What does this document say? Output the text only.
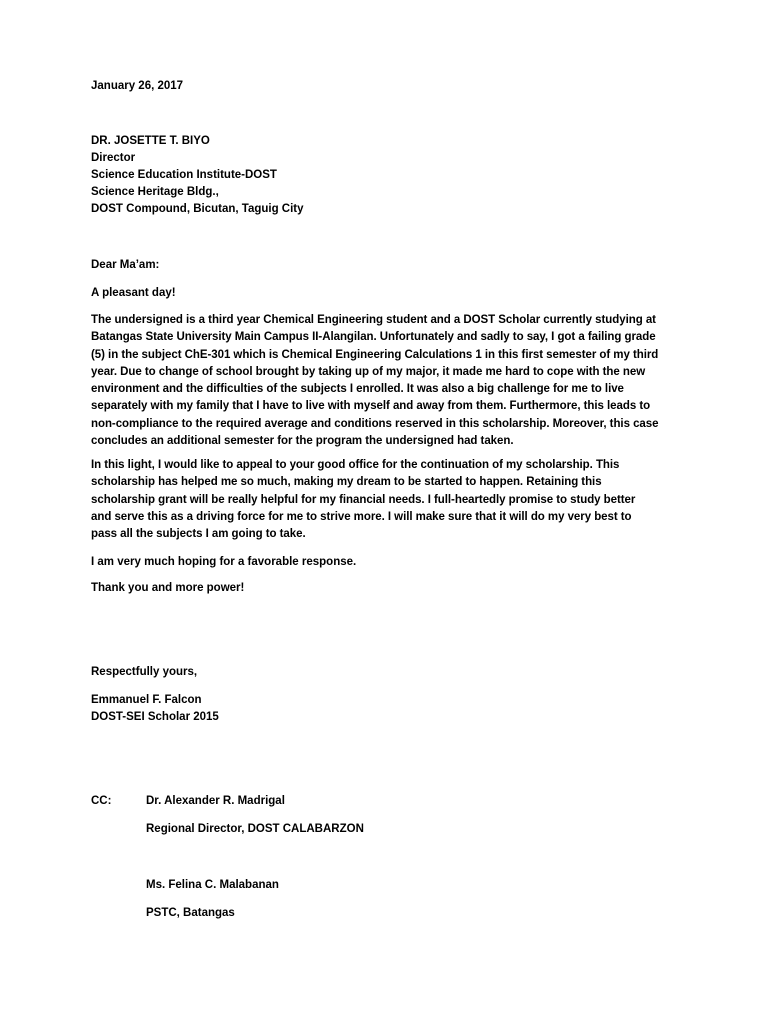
January 26, 2017
DR. JOSETTE T. BIYO
Director
Science Education Institute-DOST
Science Heritage Bldg.,
DOST Compound, Bicutan, Taguig City
Dear Ma’am:
A pleasant day!
The undersigned is a third year Chemical Engineering student and a DOST Scholar currently studying at
Batangas State University Main Campus II-Alangilan. Unfortunately and sadly to say, I got a failing grade
(5) in the subject ChE-301 which is Chemical Engineering Calculations 1 in this first semester of my third
year. Due to change of school brought by taking up of my major, it made me hard to cope with the new
environment and the difficulties of the subjects I enrolled. It was also a big challenge for me to live
separately with my family that I have to live with myself and away from them. Furthermore, this leads to
non-compliance to the required average and conditions reserved in this scholarship. Moreover, this case
concludes an additional semester for the program the undersigned had taken.
In this light, I would like to appeal to your good office for the continuation of my scholarship. This
scholarship has helped me so much, making my dream to be started to happen. Retaining this
scholarship grant will be really helpful for my financial needs. I full-heartedly promise to study better
and serve this as a driving force for me to strive more. I will make sure that it will do my very best to
pass all the subjects I am going to take.
I am very much hoping for a favorable response.
Thank you and more power!
Respectfully yours,
Emmanuel F. Falcon
DOST-SEI Scholar 2015
CC:	Dr. Alexander R. Madrigal
Regional Director, DOST CALABARZON
Ms. Felina C. Malabanan
PSTC, Batangas
